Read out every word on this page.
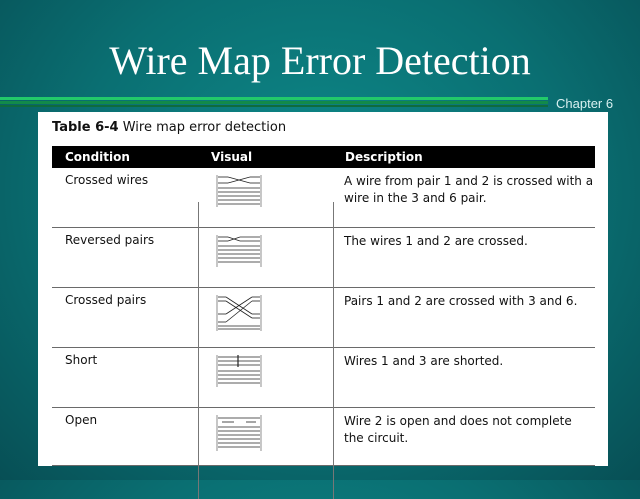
Wire Map Error Detection
Chapter 6
Table 6-4 Wire map error detection
Condition	Visual	Description
Crossed wires	A wire from pair 1 and 2 is crossed with a wire in the 3 and 6 pair.
Reversed pairs	The wires 1 and 2 are crossed.
Crossed pairs	Pairs 1 and 2 are crossed with 3 and 6.
Short	Wires 1 and 3 are shorted.
Open	Wire 2 is open and does not complete the circuit.
